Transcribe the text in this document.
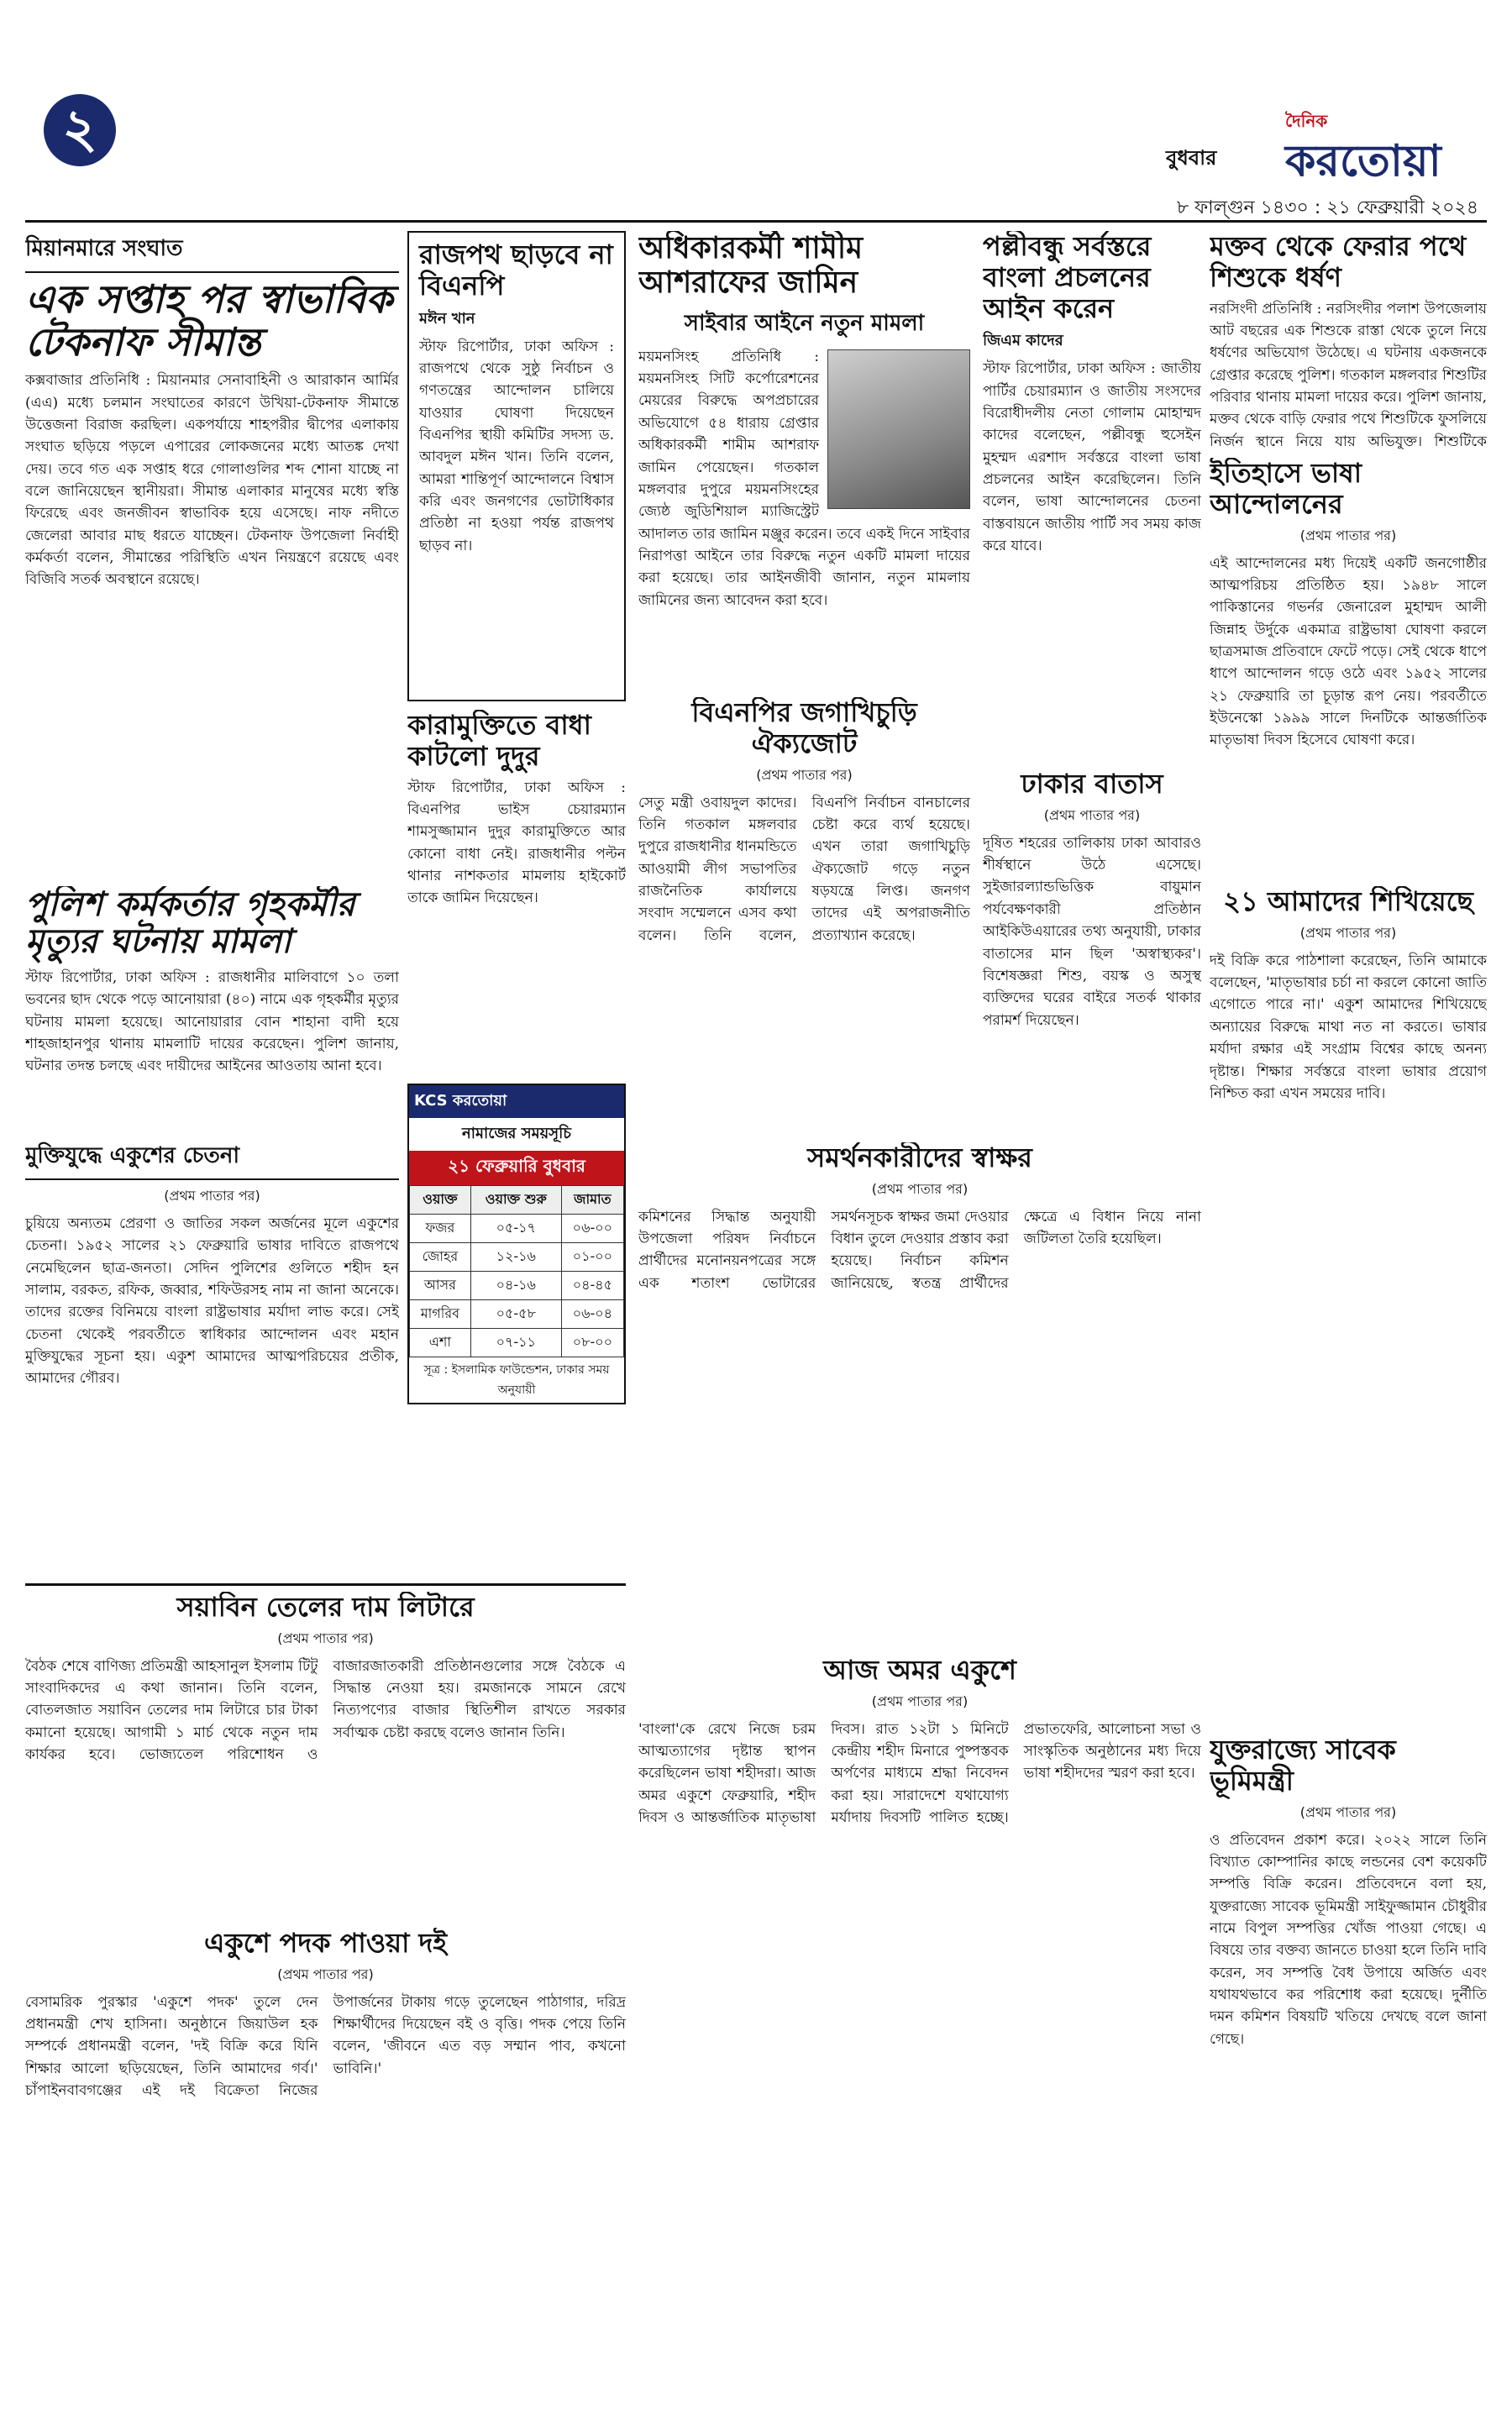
২	বুধবার
দৈনিক
করতোয়া
৮ ফাল্গুন ১৪৩০ : ২১ ফেব্রুয়ারী ২০২৪
মিয়ানমারে সংঘাত
এক সপ্তাহ পর স্বাভাবিক টেকনাফ সীমান্ত

কক্সবাজার প্রতিনিধি : মিয়ানমার সেনাবাহিনী ও আরাকান আর্মির (এএ) মধ্যে চলমান সংঘাতের কারণে উখিয়া-টেকনাফ সীমান্তে উত্তেজনা বিরাজ করছিল। একপর্যায়ে শাহপরীর দ্বীপের এলাকায় সংঘাত ছড়িয়ে পড়লে এপারের লোকজনের মধ্যে আতঙ্ক দেখা দেয়। তবে গত এক সপ্তাহ ধরে গোলাগুলির শব্দ শোনা যাচ্ছে না বলে জানিয়েছেন স্থানীয়রা। সীমান্ত এলাকার মানুষের মধ্যে স্বস্তি ফিরেছে এবং জনজীবন স্বাভাবিক হয়ে এসেছে। নাফ নদীতে জেলেরা আবার মাছ ধরতে যাচ্ছেন। টেকনাফ উপজেলা নির্বাহী কর্মকর্তা বলেন, সীমান্তের পরিস্থিতি এখন নিয়ন্ত্রণে রয়েছে এবং বিজিবি সতর্ক অবস্থানে রয়েছে।

পুলিশ কর্মকর্তার গৃহকর্মীর মৃত্যুর ঘটনায় মামলা

স্টাফ রিপোর্টার, ঢাকা অফিস : রাজধানীর মালিবাগে ১০ তলা ভবনের ছাদ থেকে পড়ে আনোয়ারা (৪০) নামে এক গৃহকর্মীর মৃত্যুর ঘটনায় মামলা হয়েছে। আনোয়ারার বোন শাহানা বাদী হয়ে শাহজাহানপুর থানায় মামলাটি দায়ের করেছেন। পুলিশ জানায়, ঘটনার তদন্ত চলছে এবং দায়ীদের আইনের আওতায় আনা হবে।

মুক্তিযুদ্ধে একুশের চেতনা
(প্রথম পাতার পর)

চুয়িয়ে অন্যতম প্রেরণা ও জাতির সকল অর্জনের মূলে একুশের চেতনা। ১৯৫২ সালের ২১ ফেব্রুয়ারি ভাষার দাবিতে রাজপথে নেমেছিলেন ছাত্র-জনতা। সেদিন পুলিশের গুলিতে শহীদ হন সালাম, বরকত, রফিক, জব্বার, শফিউরসহ নাম না জানা অনেকে। তাদের রক্তের বিনিময়ে বাংলা রাষ্ট্রভাষার মর্যাদা লাভ করে। সেই চেতনা থেকেই পরবর্তীতে স্বাধিকার আন্দোলন এবং মহান মুক্তিযুদ্ধের সূচনা হয়। একুশ আমাদের আত্মপরিচয়ের প্রতীক, আমাদের গৌরব।

রাজপথ ছাড়বে না বিএনপি
মঈন খান

স্টাফ রিপোর্টার, ঢাকা অফিস : রাজপথে থেকে সুষ্ঠু নির্বাচন ও গণতন্ত্রের আন্দোলন চালিয়ে যাওয়ার ঘোষণা দিয়েছেন বিএনপির স্থায়ী কমিটির সদস্য ড. আবদুল মঈন খান। তিনি বলেন, আমরা শান্তিপূর্ণ আন্দোলনে বিশ্বাস করি এবং জনগণের ভোটাধিকার প্রতিষ্ঠা না হওয়া পর্যন্ত রাজপথ ছাড়ব না।

কারামুক্তিতে বাধা কাটলো দুদুর

স্টাফ রিপোর্টার, ঢাকা অফিস : বিএনপির ভাইস চেয়ারম্যান শামসুজ্জামান দুদুর কারামুক্তিতে আর কোনো বাধা নেই। রাজধানীর পল্টন থানার নাশকতার মামলায় হাইকোর্ট তাকে জামিন দিয়েছেন।

KCS করতোয়া
নামাজের সময়সূচি
২১ ফেব্রুয়ারি বুধবার
ওয়াক্ত	ওয়াক্ত শুরু	জামাত
ফজর	০৫-১৭	০৬-০০
জোহর	১২-১৬	০১-০০
আসর	০৪-১৬	০৪-৪৫
মাগরিব	০৫-৫৮	০৬-০৪
এশা	০৭-১১	০৮-০০
সূত্র : ইসলামিক ফাউন্ডেশন, ঢাকার সময় অনুযায়ী
সয়াবিন তেলের দাম লিটারে
(প্রথম পাতার পর)

বৈঠক শেষে বাণিজ্য প্রতিমন্ত্রী আহসানুল ইসলাম টিটু সাংবাদিকদের এ কথা জানান। তিনি বলেন, বোতলজাত সয়াবিন তেলের দাম লিটারে চার টাকা কমানো হয়েছে। আগামী ১ মার্চ থেকে নতুন দাম কার্যকর হবে। ভোজ্যতেল পরিশোধন ও বাজারজাতকারী প্রতিষ্ঠানগুলোর সঙ্গে বৈঠকে এ সিদ্ধান্ত নেওয়া হয়। রমজানকে সামনে রেখে নিত্যপণ্যের বাজার স্থিতিশীল রাখতে সরকার সর্বাত্মক চেষ্টা করছে বলেও জানান তিনি।

একুশে পদক পাওয়া দই
(প্রথম পাতার পর)

বেসামরিক পুরস্কার 'একুশে পদক' তুলে দেন প্রধানমন্ত্রী শেখ হাসিনা। অনুষ্ঠানে জিয়াউল হক সম্পর্কে প্রধানমন্ত্রী বলেন, 'দই বিক্রি করে যিনি শিক্ষার আলো ছড়িয়েছেন, তিনি আমাদের গর্ব।' চাঁপাইনবাবগঞ্জের এই দই বিক্রেতা নিজের উপার্জনের টাকায় গড়ে তুলেছেন পাঠাগার, দরিদ্র শিক্ষার্থীদের দিয়েছেন বই ও বৃত্তি। পদক পেয়ে তিনি বলেন, 'জীবনে এত বড় সম্মান পাব, কখনো ভাবিনি।'

অধিকারকর্মী শামীম আশরাফের জামিন
সাইবার আইনে নতুন মামলা

ময়মনসিংহ প্রতিনিধি : ময়মনসিংহ সিটি কর্পোরেশনের মেয়রের বিরুদ্ধে অপপ্রচারের অভিযোগে ৫৪ ধারায় গ্রেপ্তার অধিকারকর্মী শামীম আশরাফ জামিন পেয়েছেন। গতকাল মঙ্গলবার দুপুরে ময়মনসিংহের জ্যেষ্ঠ জুডিশিয়াল ম্যাজিস্ট্রেট আদালত তার জামিন মঞ্জুর করেন। তবে একই দিনে সাইবার নিরাপত্তা আইনে তার বিরুদ্ধে নতুন একটি মামলা দায়ের করা হয়েছে। তার আইনজীবী জানান, নতুন মামলায় জামিনের জন্য আবেদন করা হবে।

বিএনপির জগাখিচুড়ি ঐক্যজোট
(প্রথম পাতার পর)

সেতু মন্ত্রী ওবায়দুল কাদের। তিনি গতকাল মঙ্গলবার দুপুরে রাজধানীর ধানমন্ডিতে আওয়ামী লীগ সভাপতির রাজনৈতিক কার্যালয়ে সংবাদ সম্মেলনে এসব কথা বলেন। তিনি বলেন, বিএনপি নির্বাচন বানচালের চেষ্টা করে ব্যর্থ হয়েছে। এখন তারা জগাখিচুড়ি ঐক্যজোট গড়ে নতুন ষড়যন্ত্রে লিপ্ত। জনগণ তাদের এই অপরাজনীতি প্রত্যাখ্যান করেছে।

পল্লীবন্ধু সর্বস্তরে বাংলা প্রচলনের আইন করেন
জিএম কাদের

স্টাফ রিপোর্টার, ঢাকা অফিস : জাতীয় পার্টির চেয়ারম্যান ও জাতীয় সংসদের বিরোধীদলীয় নেতা গোলাম মোহাম্মদ কাদের বলেছেন, পল্লীবন্ধু হুসেইন মুহম্মদ এরশাদ সর্বস্তরে বাংলা ভাষা প্রচলনের আইন করেছিলেন। তিনি বলেন, ভাষা আন্দোলনের চেতনা বাস্তবায়নে জাতীয় পার্টি সব সময় কাজ করে যাবে।

ঢাকার বাতাস
(প্রথম পাতার পর)

দূষিত শহরের তালিকায় ঢাকা আবারও শীর্ষস্থানে উঠে এসেছে। সুইজারল্যান্ডভিত্তিক বায়ুমান পর্যবেক্ষণকারী প্রতিষ্ঠান আইকিউএয়ারের তথ্য অনুযায়ী, ঢাকার বাতাসের মান ছিল 'অস্বাস্থ্যকর'। বিশেষজ্ঞরা শিশু, বয়স্ক ও অসুস্থ ব্যক্তিদের ঘরের বাইরে সতর্ক থাকার পরামর্শ দিয়েছেন।

সমর্থনকারীদের স্বাক্ষর
(প্রথম পাতার পর)

কমিশনের সিদ্ধান্ত অনুযায়ী উপজেলা পরিষদ নির্বাচনে প্রার্থীদের মনোনয়নপত্রের সঙ্গে এক শতাংশ ভোটারের সমর্থনসূচক স্বাক্ষর জমা দেওয়ার বিধান তুলে দেওয়ার প্রস্তাব করা হয়েছে। নির্বাচন কমিশন জানিয়েছে, স্বতন্ত্র প্রার্থীদের ক্ষেত্রে এ বিধান নিয়ে নানা জটিলতা তৈরি হয়েছিল।

আজ অমর একুশে
(প্রথম পাতার পর)

'বাংলা'কে রেখে নিজে চরম আত্মত্যাগের দৃষ্টান্ত স্থাপন করেছিলেন ভাষা শহীদরা। আজ অমর একুশে ফেব্রুয়ারি, শহীদ দিবস ও আন্তর্জাতিক মাতৃভাষা দিবস। রাত ১২টা ১ মিনিটে কেন্দ্রীয় শহীদ মিনারে পুষ্পস্তবক অর্পণের মাধ্যমে শ্রদ্ধা নিবেদন করা হয়। সারাদেশে যথাযোগ্য মর্যাদায় দিবসটি পালিত হচ্ছে। প্রভাতফেরি, আলোচনা সভা ও সাংস্কৃতিক অনুষ্ঠানের মধ্য দিয়ে ভাষা শহীদদের স্মরণ করা হবে।

মক্তব থেকে ফেরার পথে শিশুকে ধর্ষণ

নরসিংদী প্রতিনিধি : নরসিংদীর পলাশ উপজেলায় আট বছরের এক শিশুকে রাস্তা থেকে তুলে নিয়ে ধর্ষণের অভিযোগ উঠেছে। এ ঘটনায় একজনকে গ্রেপ্তার করেছে পুলিশ। গতকাল মঙ্গলবার শিশুটির পরিবার থানায় মামলা দায়ের করে। পুলিশ জানায়, মক্তব থেকে বাড়ি ফেরার পথে শিশুটিকে ফুসলিয়ে নির্জন স্থানে নিয়ে যায় অভিযুক্ত। শিশুটিকে

ইতিহাসে ভাষা আন্দোলনের
(প্রথম পাতার পর)

এই আন্দোলনের মধ্য দিয়েই একটি জনগোষ্ঠীর আত্মপরিচয় প্রতিষ্ঠিত হয়। ১৯৪৮ সালে পাকিস্তানের গভর্নর জেনারেল মুহাম্মদ আলী জিন্নাহ উর্দুকে একমাত্র রাষ্ট্রভাষা ঘোষণা করলে ছাত্রসমাজ প্রতিবাদে ফেটে পড়ে। সেই থেকে ধাপে ধাপে আন্দোলন গড়ে ওঠে এবং ১৯৫২ সালের ২১ ফেব্রুয়ারি তা চূড়ান্ত রূপ নেয়। পরবর্তীতে ইউনেস্কো ১৯৯৯ সালে দিনটিকে আন্তর্জাতিক মাতৃভাষা দিবস হিসেবে ঘোষণা করে।

২১ আমাদের শিখিয়েছে
(প্রথম পাতার পর)

দই বিক্রি করে পাঠশালা করেছেন, তিনি আমাকে বলেছেন, 'মাতৃভাষার চর্চা না করলে কোনো জাতি এগোতে পারে না।' একুশ আমাদের শিখিয়েছে অন্যায়ের বিরুদ্ধে মাথা নত না করতে। ভাষার মর্যাদা রক্ষার এই সংগ্রাম বিশ্বের কাছে অনন্য দৃষ্টান্ত। শিক্ষার সর্বস্তরে বাংলা ভাষার প্রয়োগ নিশ্চিত করা এখন সময়ের দাবি।

যুক্তরাজ্যে সাবেক ভূমিমন্ত্রী
(প্রথম পাতার পর)

ও প্রতিবেদন প্রকাশ করে। ২০২২ সালে তিনি বিখ্যাত কোম্পানির কাছে লন্ডনের বেশ কয়েকটি সম্পত্তি বিক্রি করেন। প্রতিবেদনে বলা হয়, যুক্তরাজ্যে সাবেক ভূমিমন্ত্রী সাইফুজ্জামান চৌধুরীর নামে বিপুল সম্পত্তির খোঁজ পাওয়া গেছে। এ বিষয়ে তার বক্তব্য জানতে চাওয়া হলে তিনি দাবি করেন, সব সম্পত্তি বৈধ উপায়ে অর্জিত এবং যথাযথভাবে কর পরিশোধ করা হয়েছে। দুর্নীতি দমন কমিশন বিষয়টি খতিয়ে দেখছে বলে জানা গেছে।
